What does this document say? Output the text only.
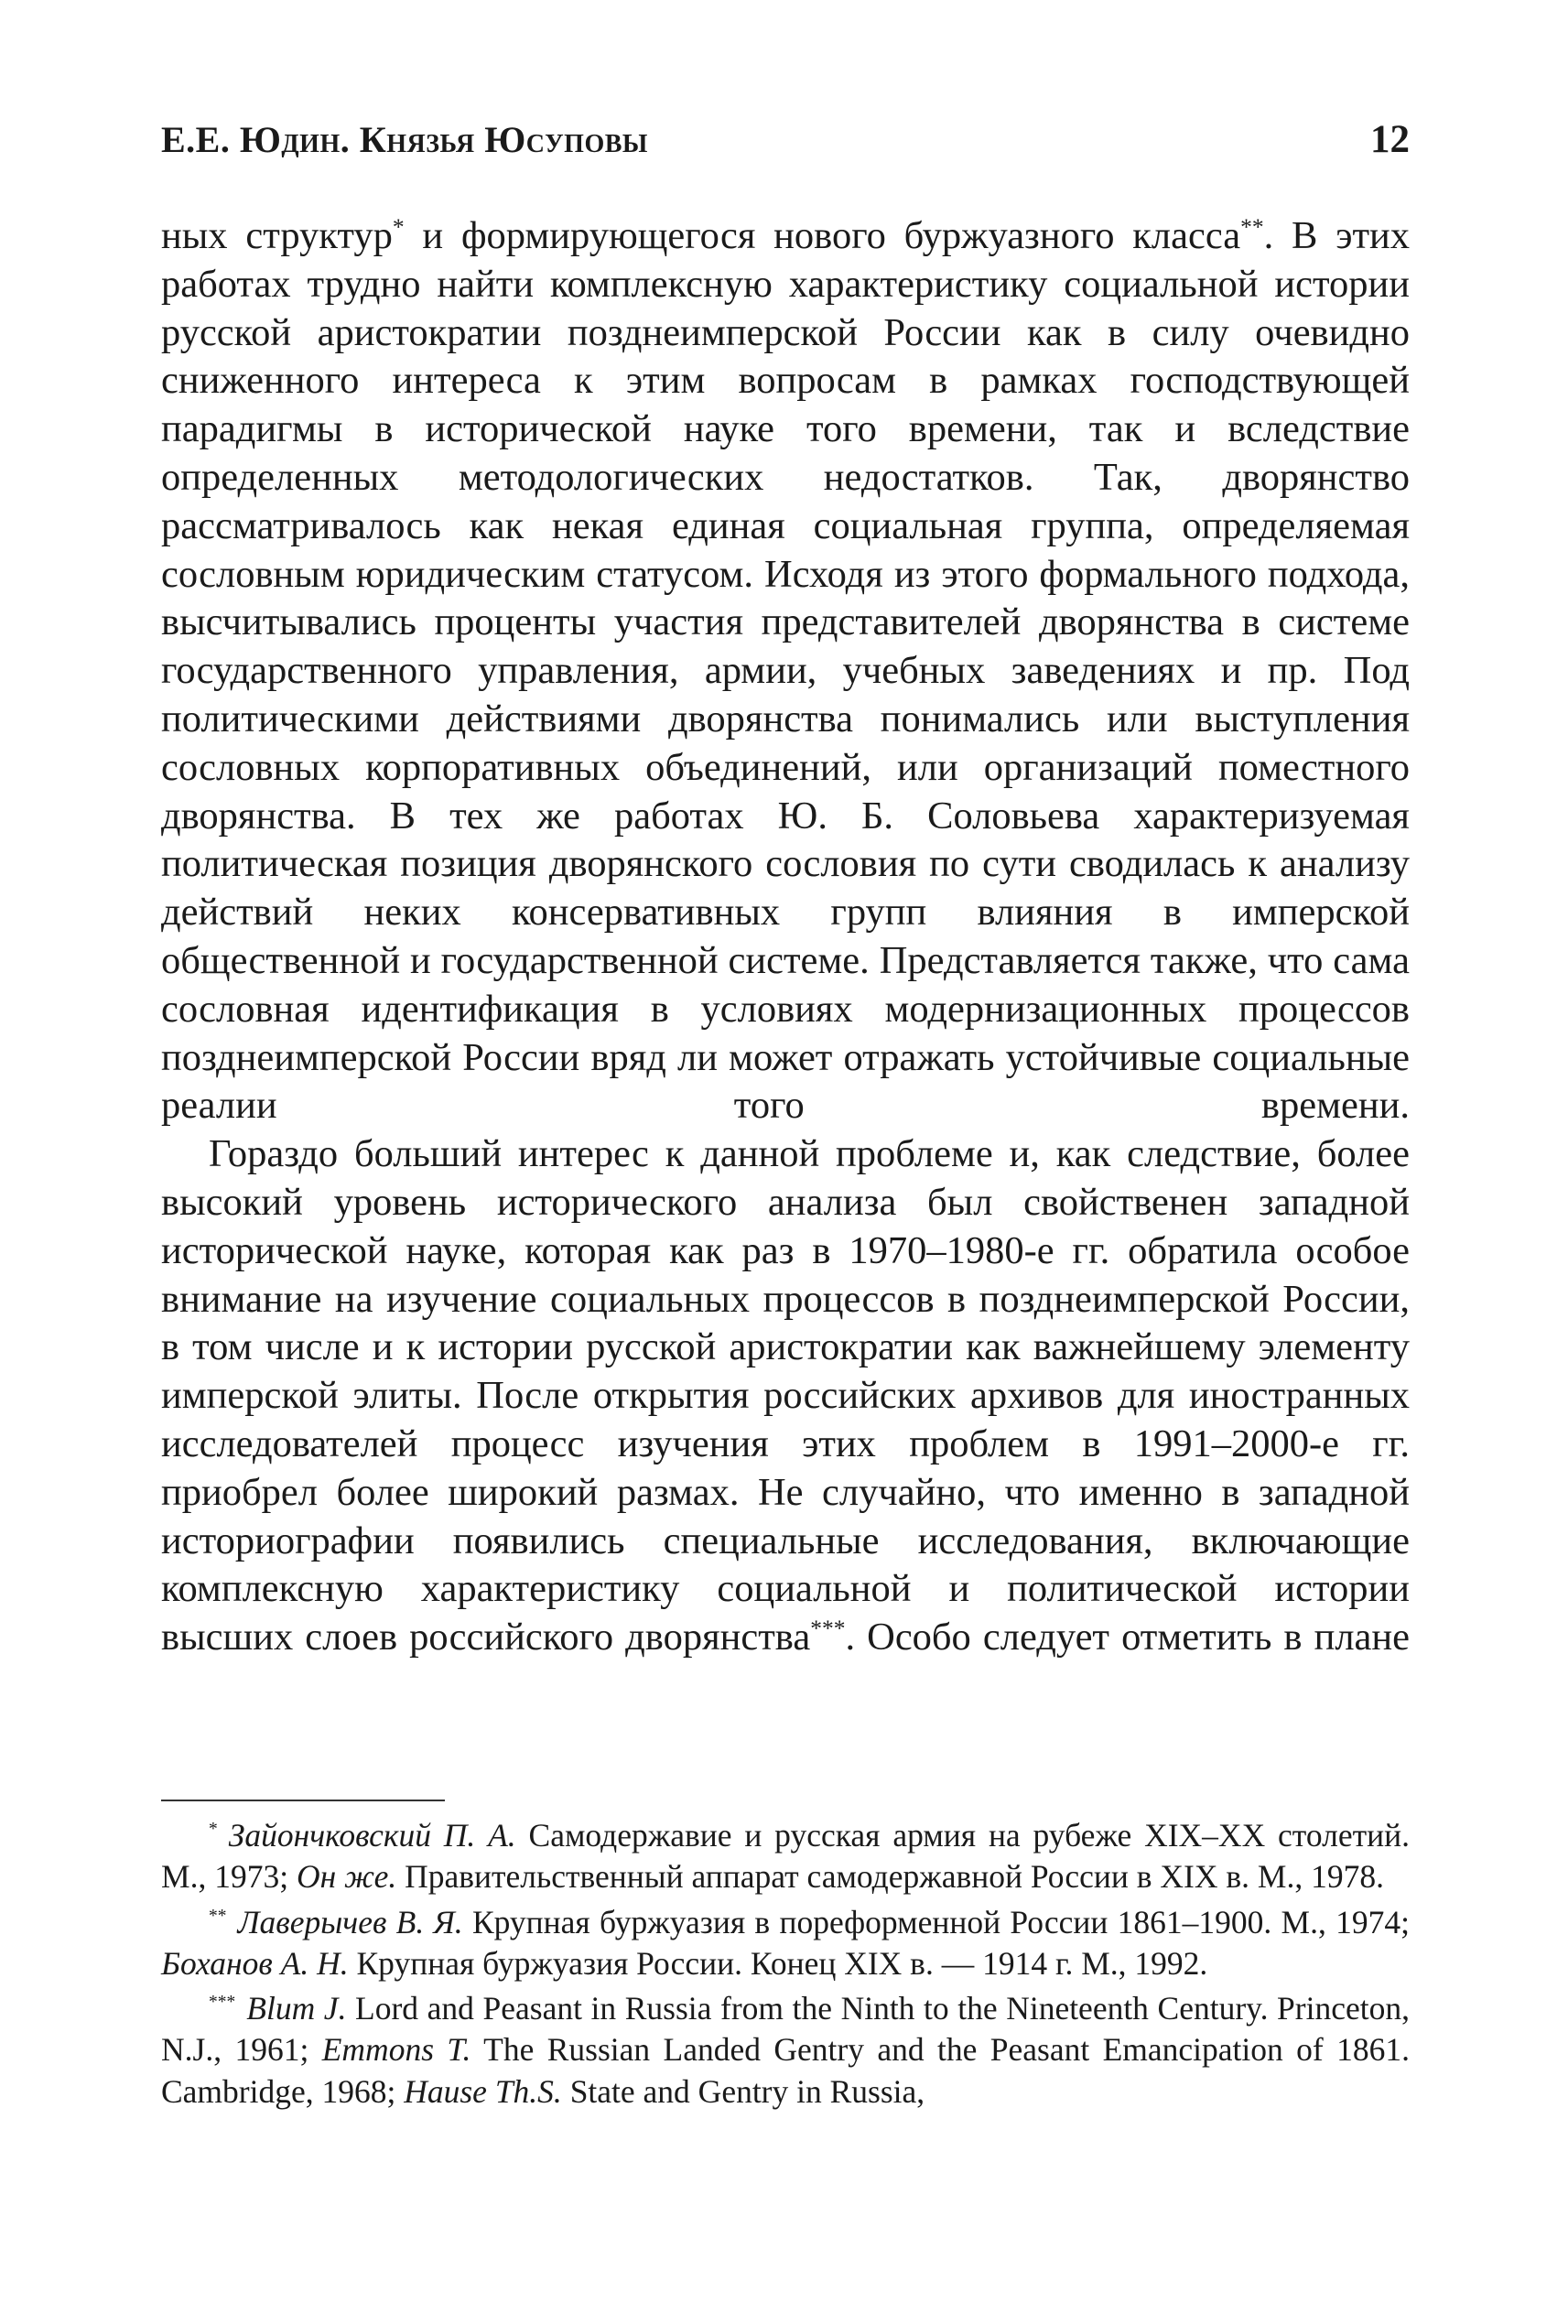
Е.Е. Юдин. Князья Юсуповы	12

ных структур* и формирующегося нового буржуазного класса**. В этих работах трудно найти комплексную характеристику социальной истории русской аристократии позднеимперской России как в силу очевидно сниженного интереса к этим вопросам в рамках господствующей парадигмы в исторической науке того времени, так и вследствие определенных методологических недостатков. Так, дворянство рассматривалось как некая единая социальная группа, определяемая сословным юридическим статусом. Исходя из этого формального подхода, высчитывались проценты участия представителей дворянства в системе государственного управления, армии, учебных заведениях и пр. Под политическими действиями дворянства понимались или выступления сословных корпоративных объединений, или организаций поместного дворянства. В тех же работах Ю. Б. Соловьева характеризуемая политическая позиция дворянского сословия по сути сводилась к анализу действий неких консервативных групп влияния в имперской общественной и государственной системе. Представляется также, что сама сословная идентификация в условиях модернизационных процессов позднеимперской России вряд ли может отражать устойчивые социальные реалии того времени.

Гораздо больший интерес к данной проблеме и, как следствие, более высокий уровень исторического анализа был свойственен западной исторической науке, которая как раз в 1970–1980-е гг. обратила особое внимание на изучение социальных процессов в позднеимперской России, в том числе и к истории русской аристократии как важнейшему элементу имперской элиты. После открытия российских архивов для иностранных исследователей процесс изучения этих проблем в 1991–2000-е гг. приобрел более широкий размах. Не случайно, что именно в западной историографии появились специальные исследования, включающие комплексную характеристику социальной и политической истории высших слоев российского дворянства***. Особо следует отметить в плане

* Зайончковский П. А. Самодержавие и русская армия на рубеже XIX–XX столетий. М., 1973; Он же. Правительственный аппарат самодержавной России в XIX в. М., 1978.

** Лаверычев В. Я. Крупная буржуазия в пореформенной России 1861–1900. М., 1974; Боханов А. Н. Крупная буржуазия России. Конец XIX в. — 1914 г. М., 1992.

*** Blum J. Lord and Peasant in Russia from the Ninth to the Nineteenth Century. Princeton, N.J., 1961; Emmons T. The Russian Landed Gentry and the Peasant Emancipation of 1861. Cambridge, 1968; Hause Th.S. State and Gentry in Russia,
